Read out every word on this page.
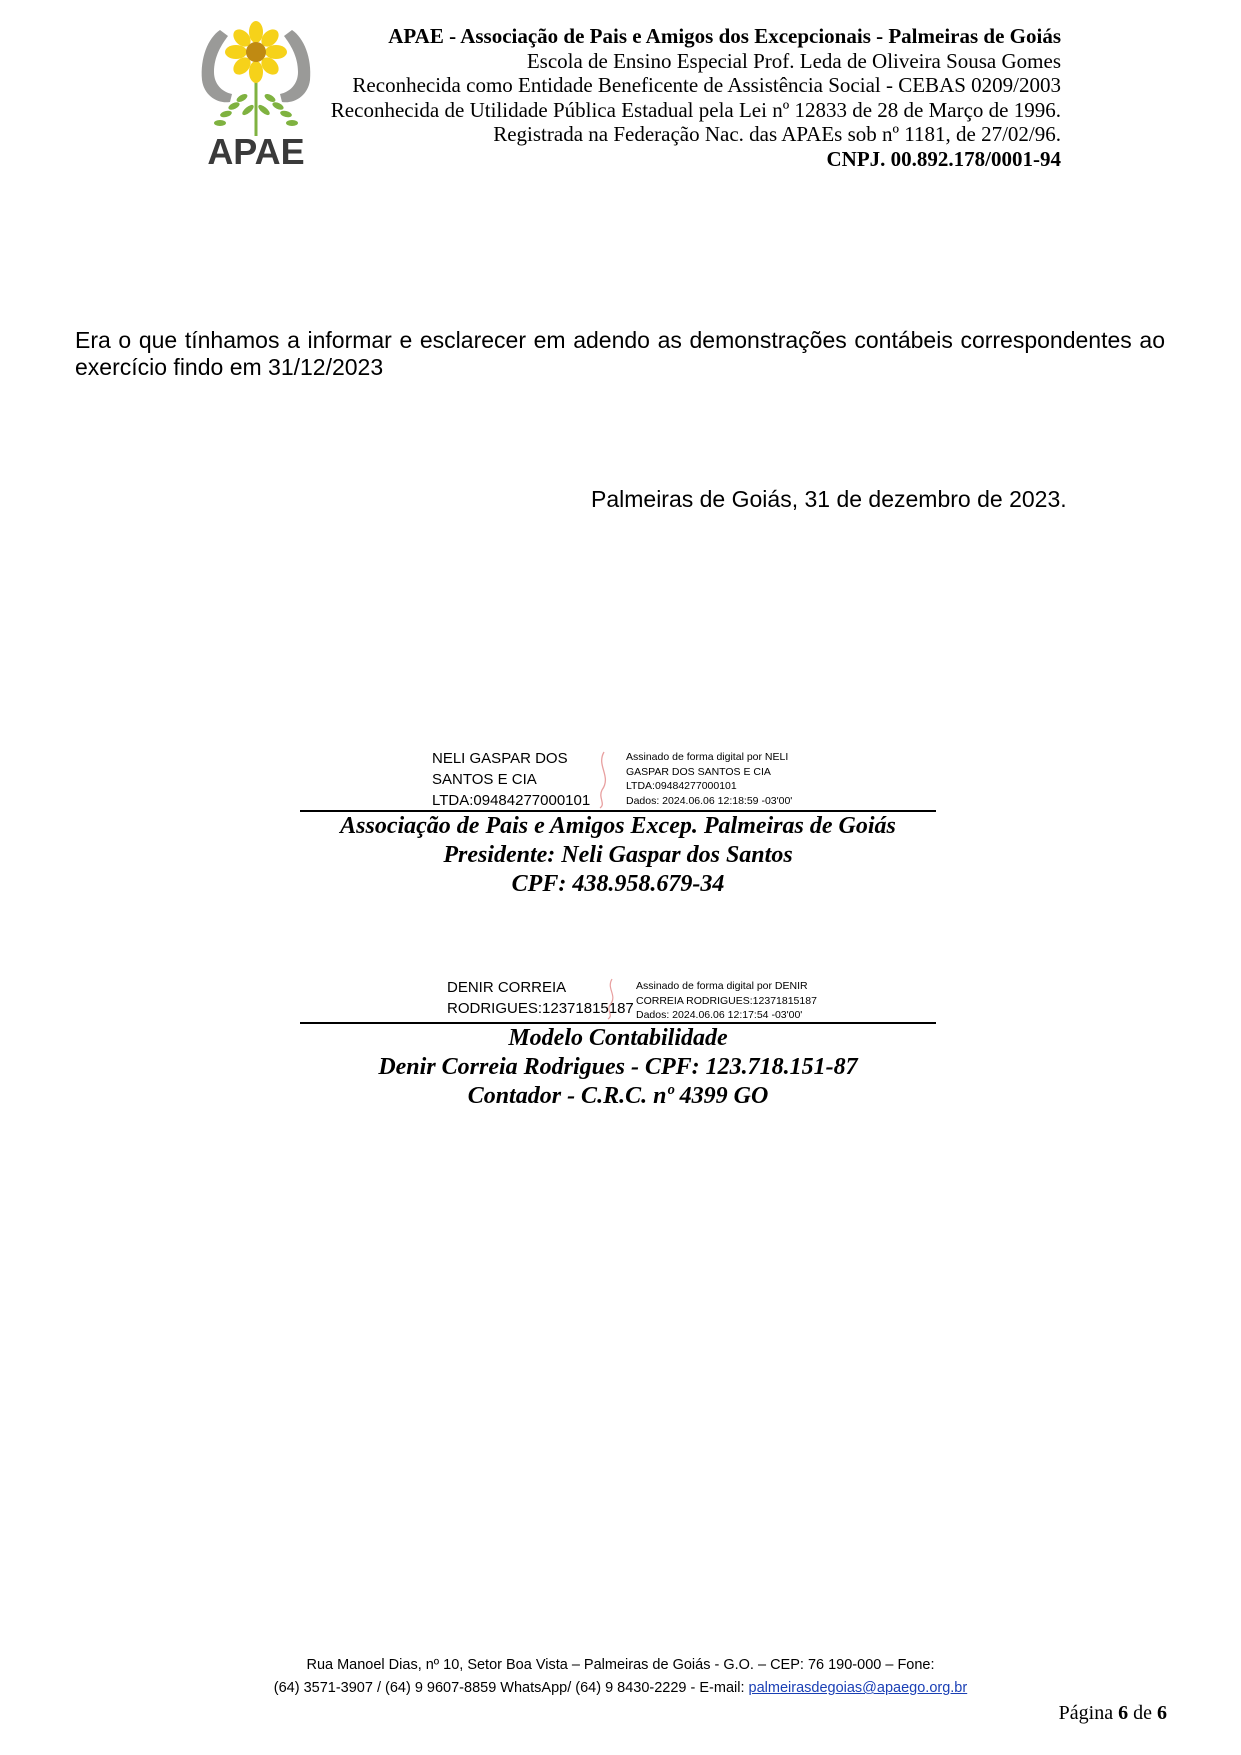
APAE
APAE - Associação de Pais e Amigos dos Excepcionais - Palmeiras de Goiás
Escola de Ensino Especial Prof. Leda de Oliveira Sousa Gomes
Reconhecida como Entidade Beneficente de Assistência Social - CEBAS 0209/2003
Reconhecida de Utilidade Pública Estadual pela Lei nº 12833 de 28 de Março de 1996.
Registrada na Federação Nac. das APAEs sob nº 1181, de 27/02/96.
CNPJ. 00.892.178/0001-94
Era o que tínhamos a informar e esclarecer em adendo as demonstrações contábeis correspondentes ao exercício findo em 31/12/2023
Palmeiras de Goiás, 31 de dezembro de 2023.
NELI GASPAR DOS
SANTOS E CIA
LTDA:09484277000101
Assinado de forma digital por NELI
GASPAR DOS SANTOS E CIA
LTDA:09484277000101
Dados: 2024.06.06 12:18:59 -03'00'
Associação de Pais e Amigos Excep. Palmeiras de Goiás
Presidente: Neli Gaspar dos Santos
CPF: 438.958.679-34
DENIR CORREIA
RODRIGUES:12371815187
Assinado de forma digital por DENIR
CORREIA RODRIGUES:12371815187
Dados: 2024.06.06 12:17:54 -03'00'
Modelo Contabilidade
Denir Correia Rodrigues - CPF: 123.718.151-87
Contador - C.R.C. nº 4399 GO
Rua Manoel Dias, nº 10, Setor Boa Vista – Palmeiras de Goiás - G.O. – CEP: 76 190-000 – Fone:
(64) 3571-3907 / (64) 9 9607-8859 WhatsApp/ (64) 9 8430-2229 - E-mail: palmeirasdegoias@apaego.org.br
Página 6 de 6
